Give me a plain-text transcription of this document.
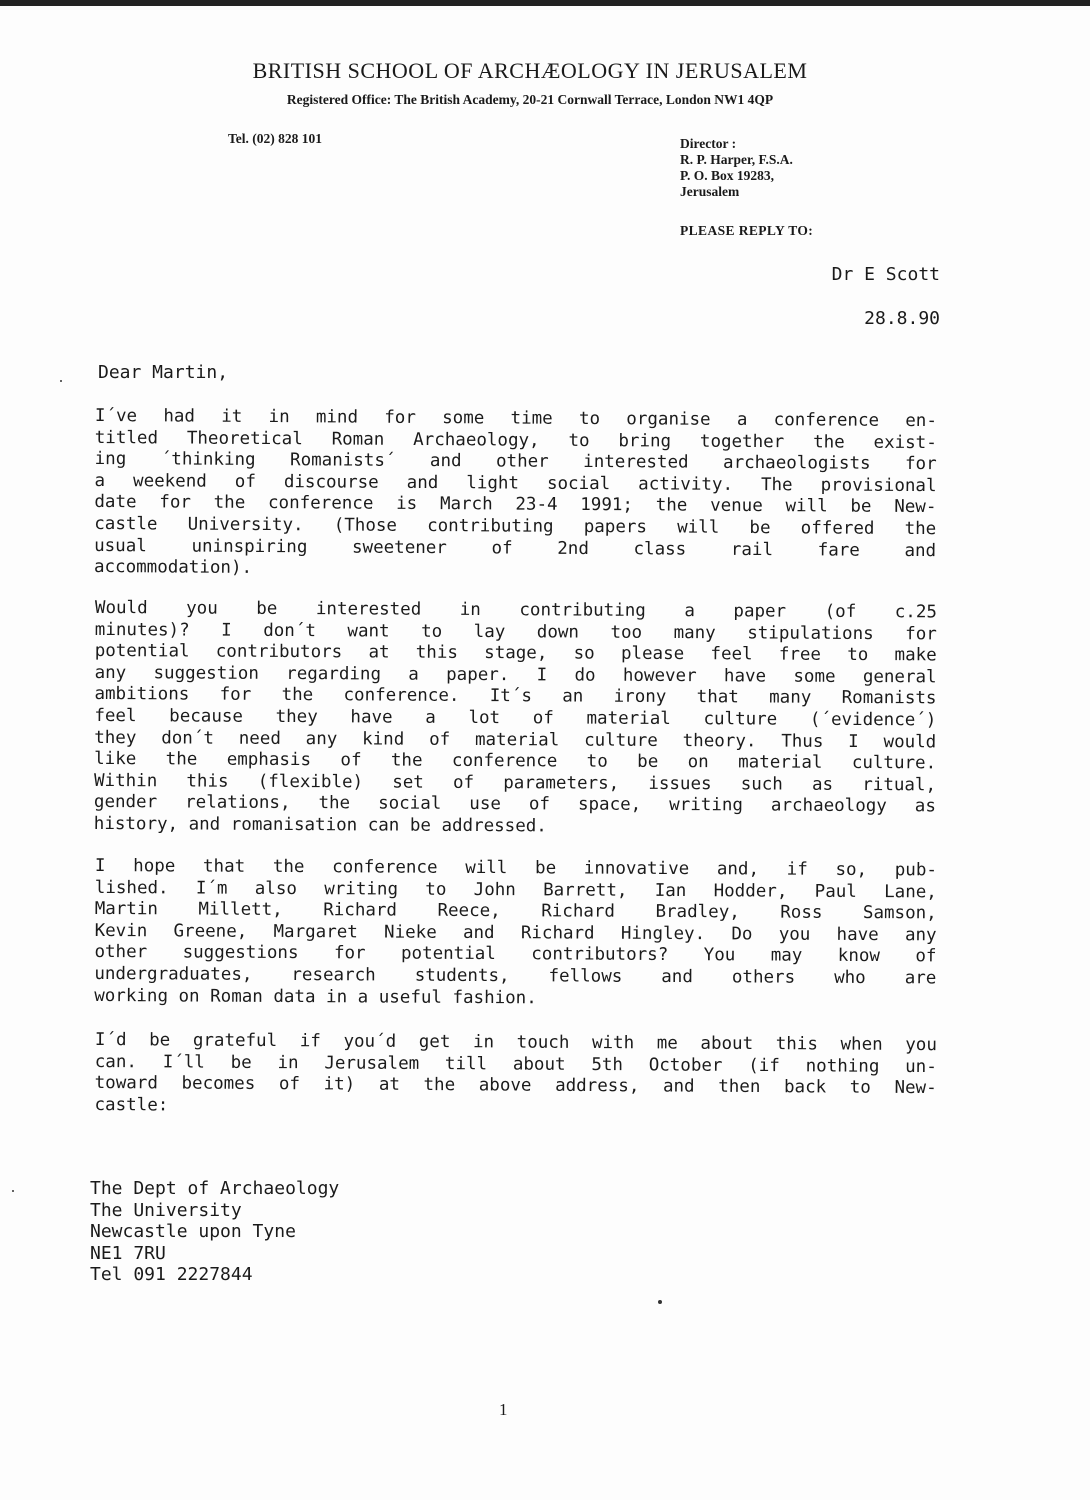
BRITISH SCHOOL OF ARCHÆOLOGY IN JERUSALEM
Registered Office: The British Academy, 20-21 Cornwall Terrace, London NW1 4QP
Tel. (02) 828 101	Director :
R. P. Harper, F.S.A.
P. O. Box 19283,
Jerusalem
PLEASE REPLY TO:
Dr E Scott
28.8.90
Dear Martin,
I´ve had it in mind for some time to organise a conference en-
titled Theoretical Roman Archaeology, to bring together the exist-
ing ´thinking Romanists´ and other interested archaeologists for
a weekend of discourse and light social activity. The provisional
date for the conference is March 23-4 1991; the venue will be New-
castle University. (Those contributing papers will be offered the
usual uninspiring sweetener of 2nd class rail fare and
accommodation).
Would you be interested in contributing a paper (of c.25
minutes)? I don´t want to lay down too many stipulations for
potential contributors at this stage, so please feel free to make
any suggestion regarding a paper. I do however have some general
ambitions for the conference. It´s an irony that many Romanists
feel because they have a lot of material culture (´evidence´)
they don´t need any kind of material culture theory. Thus I would
like the emphasis of the conference to be on material culture.
Within this (flexible) set of parameters, issues such as ritual,
gender relations, the social use of space, writing archaeology as
history, and romanisation can be addressed.
I hope that the conference will be innovative and, if so, pub-
lished. I´m also writing to John Barrett, Ian Hodder, Paul Lane,
Martin Millett, Richard Reece, Richard Bradley, Ross Samson,
Kevin Greene, Margaret Nieke and Richard Hingley. Do you have any
other suggestions for potential contributors? You may know of
undergraduates, research students, fellows and others who are
working on Roman data in a useful fashion.
I´d be grateful if you´d get in touch with me about this when you
can. I´ll be in Jerusalem till about 5th October (if nothing un-
toward becomes of it) at the above address, and then back to New-
castle:
The Dept of Archaeology
The University
Newcastle upon Tyne
NE1 7RU
Tel 091 2227844
1
